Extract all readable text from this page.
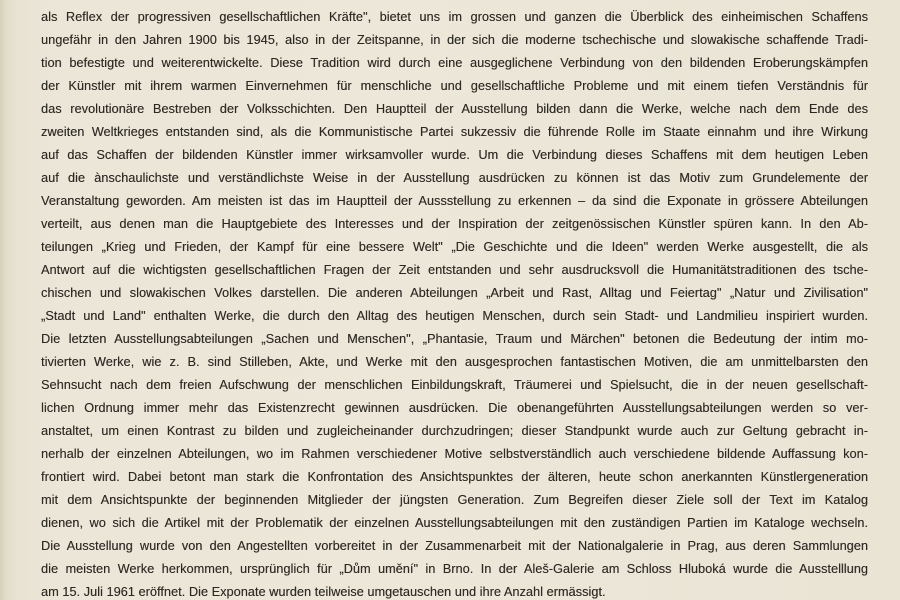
als Reflex der progressiven gesellschaftlichen Kräfte", bietet uns im grossen und ganzen die Überblick des einheimischen Schaffens
ungefähr in den Jahren 1900 bis 1945, also in der Zeitspanne, in der sich die moderne tschechische und slowakische schaffende Tradi-
tion befestigte und weiterentwickelte. Diese Tradition wird durch eine ausgeglichene Verbindung von den bildenden Eroberungskämpfen
der Künstler mit ihrem warmen Einvernehmen für menschliche und gesellschaftliche Probleme und mit einem tiefen Verständnis für
das revolutionäre Bestreben der Volksschichten. Den Hauptteil der Ausstellung bilden dann die Werke, welche nach dem Ende des
zweiten Weltkrieges entstanden sind, als die Kommunistische Partei sukzessiv die führende Rolle im Staate einnahm und ihre Wirkung
auf das Schaffen der bildenden Künstler immer wirksamvoller wurde. Um die Verbindung dieses Schaffens mit dem heutigen Leben
auf die ànschaulichste und verständlichste Weise in der Ausstellung ausdrücken zu können ist das Motiv zum Grundelemente der
Veranstaltung geworden. Am meisten ist das im Hauptteil der Aussstellung zu erkennen – da sind die Exponate in grössere Abteilungen
verteilt, aus denen man die Hauptgebiete des Interesses und der Inspiration der zeitgenössischen Künstler spüren kann. In den Ab-
teilungen „Krieg und Frieden, der Kampf für eine bessere Welt" „Die Geschichte und die Ideen" werden Werke ausgestellt, die als
Antwort auf die wichtigsten gesellschaftlichen Fragen der Zeit entstanden und sehr ausdrucksvoll die Humanitätstraditionen des tsche-
chischen und slowakischen Volkes darstellen. Die anderen Abteilungen „Arbeit und Rast, Alltag und Feiertag" „Natur und Zivilisation"
„Stadt und Land" enthalten Werke, die durch den Alltag des heutigen Menschen, durch sein Stadt- und Landmilieu inspiriert wurden.
Die letzten Ausstellungsabteilungen „Sachen und Menschen", „Phantasie, Traum und Märchen" betonen die Bedeutung der intim mo-
tivierten Werke, wie z. B. sind Stilleben, Akte, und Werke mit den ausgesprochen fantastischen Motiven, die am unmittelbarsten den
Sehnsucht nach dem freien Aufschwung der menschlichen Einbildungskraft, Träumerei und Spielsucht, die in der neuen gesellschaft-
lichen Ordnung immer mehr das Existenzrecht gewinnen ausdrücken. Die obenangeführten Ausstellungsabteilungen werden so ver-
anstaltet, um einen Kontrast zu bilden und zugleicheinander durchzudringen; dieser Standpunkt wurde auch zur Geltung gebracht in-
nerhalb der einzelnen Abteilungen, wo im Rahmen verschiedener Motive selbstverständlich auch verschiedene bildende Auffassung kon-
frontiert wird. Dabei betont man stark die Konfrontation des Ansichtspunktes der älteren, heute schon anerkannten Künstlergeneration
mit dem Ansichtspunkte der beginnenden Mitglieder der jüngsten Generation. Zum Begreifen dieser Ziele soll der Text im Katalog
dienen, wo sich die Artikel mit der Problematik der einzelnen Ausstellungsabteilungen mit den zuständigen Partien im Kataloge wechseln.
Die Ausstellung wurde von den Angestellten vorbereitet in der Zusammenarbeit mit der Nationalgalerie in Prag, aus deren Sammlungen
die meisten Werke herkommen, ursprünglich für „Dům umění" in Brno. In der Aleš-Galerie am Schloss Hluboká wurde die Ausstelllung
am 15. Juli 1961 eröffnet. Die Exponate wurden teilweise umgetauschen und ihre Anzahl ermässigt.
